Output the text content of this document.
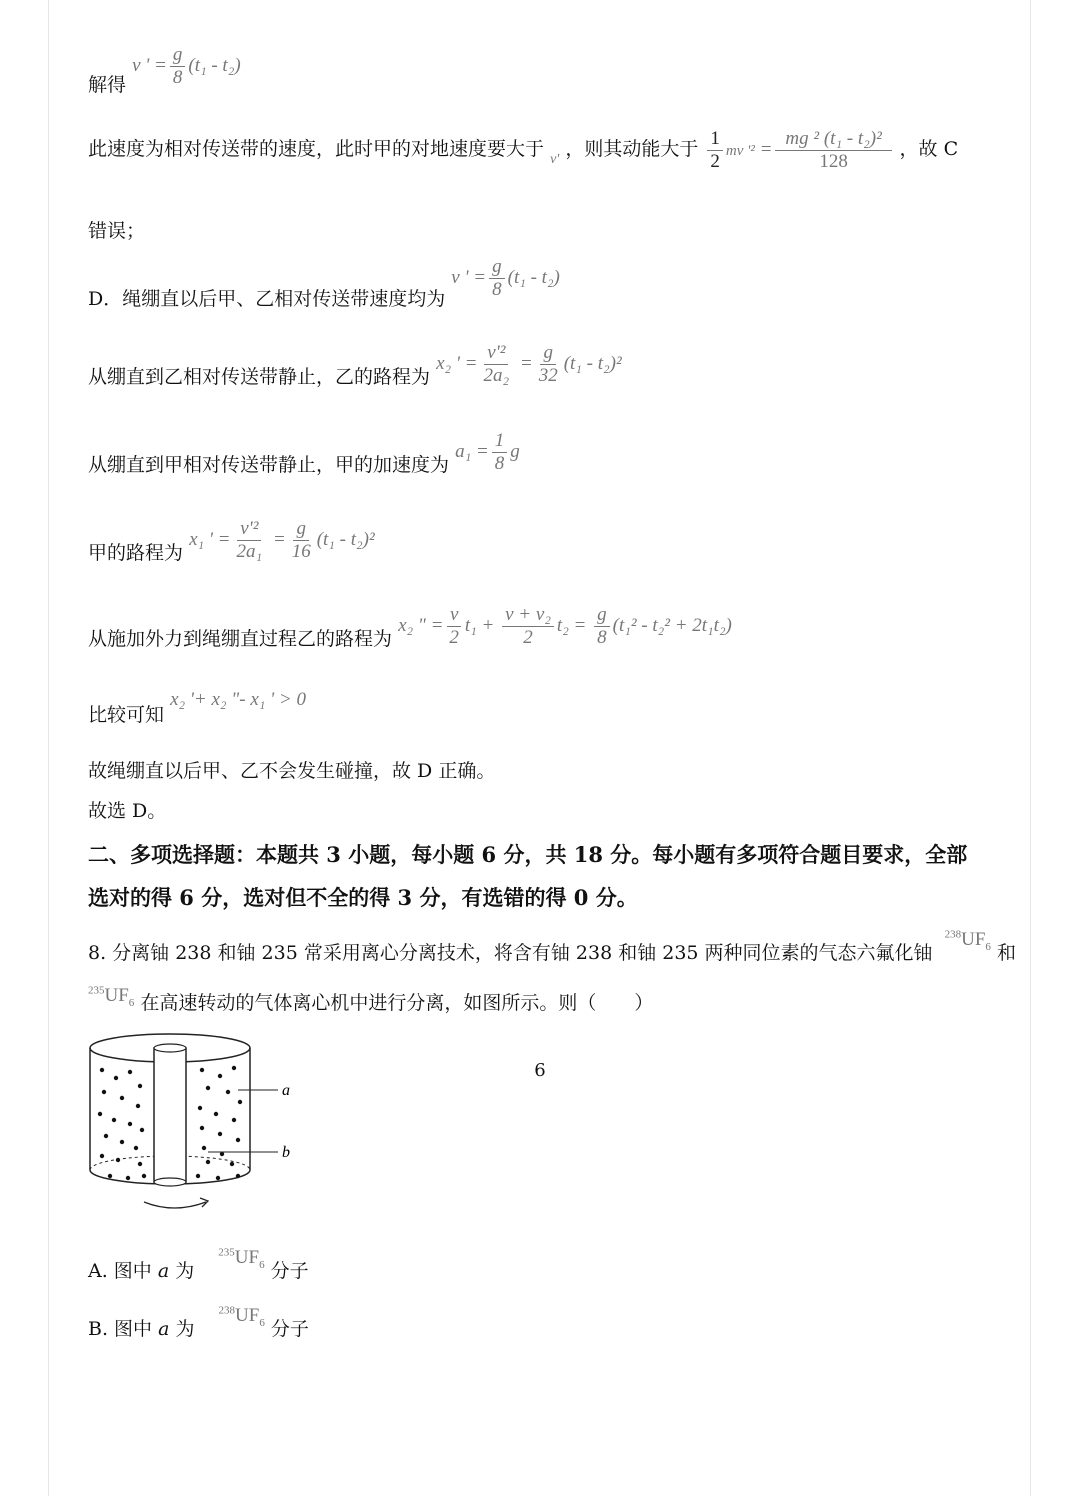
解得 v ' = $\frac{g}{8} (t_1 - t_2)$
此速度为相对传送带的速度，此时甲的对地速度要大于 $_{v'}$ ，则其动能大于 $\frac{1}{2}$ mv '$^2 = \frac{\text{mg ² (t₁ - t₂)²}}{128}$ ，故 C
错误；
D．绳绷直以后甲、乙相对传送带速度均为 v ' = $\frac{g}{8} (t_1 - t_2)$
从绷直到乙相对传送带静止，乙的路程为 x₂ ' = $\frac{\text{v'²}}{\text{2a₂}} = \frac{g}{32} (t_1 - t_2)^2$
从绷直到甲相对传送带静止，甲的加速度为 $a_1 = \frac{1}{8}$ g
甲的路程为 x₁ ' = $\frac{\text{v'²}}{\text{2a₁}} = \frac{g}{16} (t_1 - t_2)^2$
从施加外力到绳绷直过程乙的路程为 x₂ " = $\frac{v}{2} t_1 + \frac{\text{v + v₂}}{2} t_2 = \frac{g}{8} (t_1^2 - t_2^2 + 2t_1t_2)$
比较可知 x₂ '+ x₂ "- x₁ ' > 0
故绳绷直以后甲、乙不会发生碰撞，故 D 正确。
故选 D。
二、多项选择题：本题共 3 小题，每小题 6 分，共 18 分。每小题有多项符合题目要求，全部
选对的得 6 分，选对但不全的得 3 分，有选错的得 0 分。
8. 分离铀 238 和铀 235 常采用离心分离技术，将含有铀 238 和铀 235 两种同位素的气态六氟化铀 $^{238}UF_6$ 和
$^{235}UF_6$ 在高速转动的气体离心机中进行分离，如图所示。则（　　）
a
b
A. 图中 a 为 $^{235}UF_6$ 分子
B. 图中 a 为 $^{238}UF_6$ 分子
6
